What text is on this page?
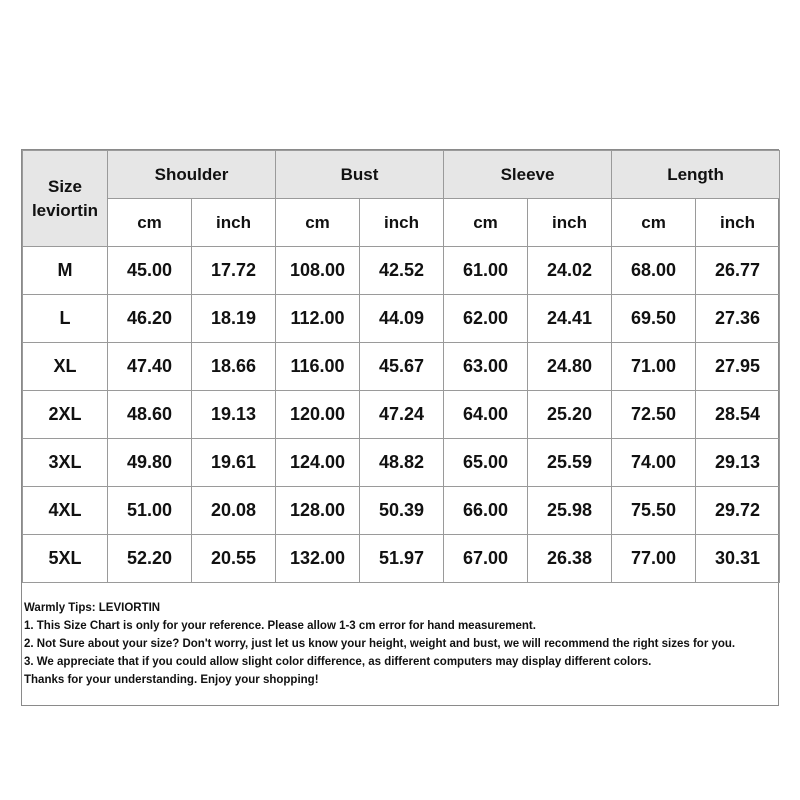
Size
leviortin	Shoulder		Bust		Sleeve		Length	
	cm	inch	cm	inch	cm	inch	cm	inch
M	45.00	17.72	108.00	42.52	61.00	24.02	68.00	26.77
L	46.20	18.19	112.00	44.09	62.00	24.41	69.50	27.36
XL	47.40	18.66	116.00	45.67	63.00	24.80	71.00	27.95
2XL	48.60	19.13	120.00	47.24	64.00	25.20	72.50	28.54
3XL	49.80	19.61	124.00	48.82	65.00	25.59	74.00	29.13
4XL	51.00	20.08	128.00	50.39	66.00	25.98	75.50	29.72
5XL	52.20	20.55	132.00	51.97	67.00	26.38	77.00	30.31
Warmly Tips: LEVIORTIN
1. This Size Chart is only for your reference. Please allow 1-3 cm error for hand measurement.
2. Not Sure about your size? Don't worry, just let us know your height, weight and bust, we will recommend the right sizes for you.
3. We appreciate that if you could allow slight color difference, as different computers may display different colors.
Thanks for your understanding. Enjoy your shopping!
